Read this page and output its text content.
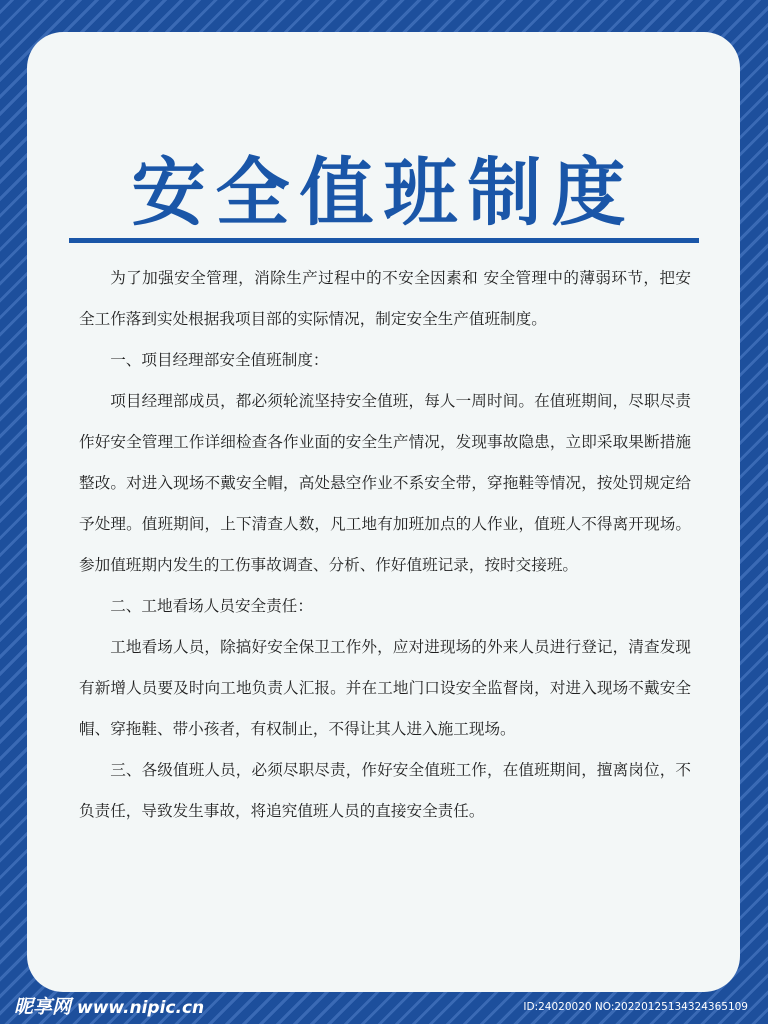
安全值班制度

为了加强安全管理，消除生产过程中的不安全因素和 安全管理中的薄弱环节，把安全工作落到实处根据我项目部的实际情况，制定安全生产值班制度。

一、项目经理部安全值班制度：

项目经理部成员，都必须轮流坚持安全值班，每人一周时间。在值班期间，尽职尽责作好安全管理工作详细检查各作业面的安全生产情况，发现事故隐患，立即采取果断措施整改。对进入现场不戴安全帽，高处悬空作业不系安全带，穿拖鞋等情况，按处罚规定给予处理。值班期间，上下清查人数，凡工地有加班加点的人作业，值班人不得离开现场。参加值班期内发生的工伤事故调查、分析、作好值班记录，按时交接班。

二、工地看场人员安全责任：

工地看场人员，除搞好安全保卫工作外，应对进现场的外来人员进行登记，清查发现有新增人员要及时向工地负责人汇报。并在工地门口设安全监督岗，对进入现场不戴安全帽、穿拖鞋、带小孩者，有权制止，不得让其人进入施工现场。

三、各级值班人员，必须尽职尽责，作好安全值班工作，在值班期间，擅离岗位，不负责任，导致发生事故，将追究值班人员的直接安全责任。

昵享网 www.nipic.cn	ID:24020020 NO:20220125134324365109
